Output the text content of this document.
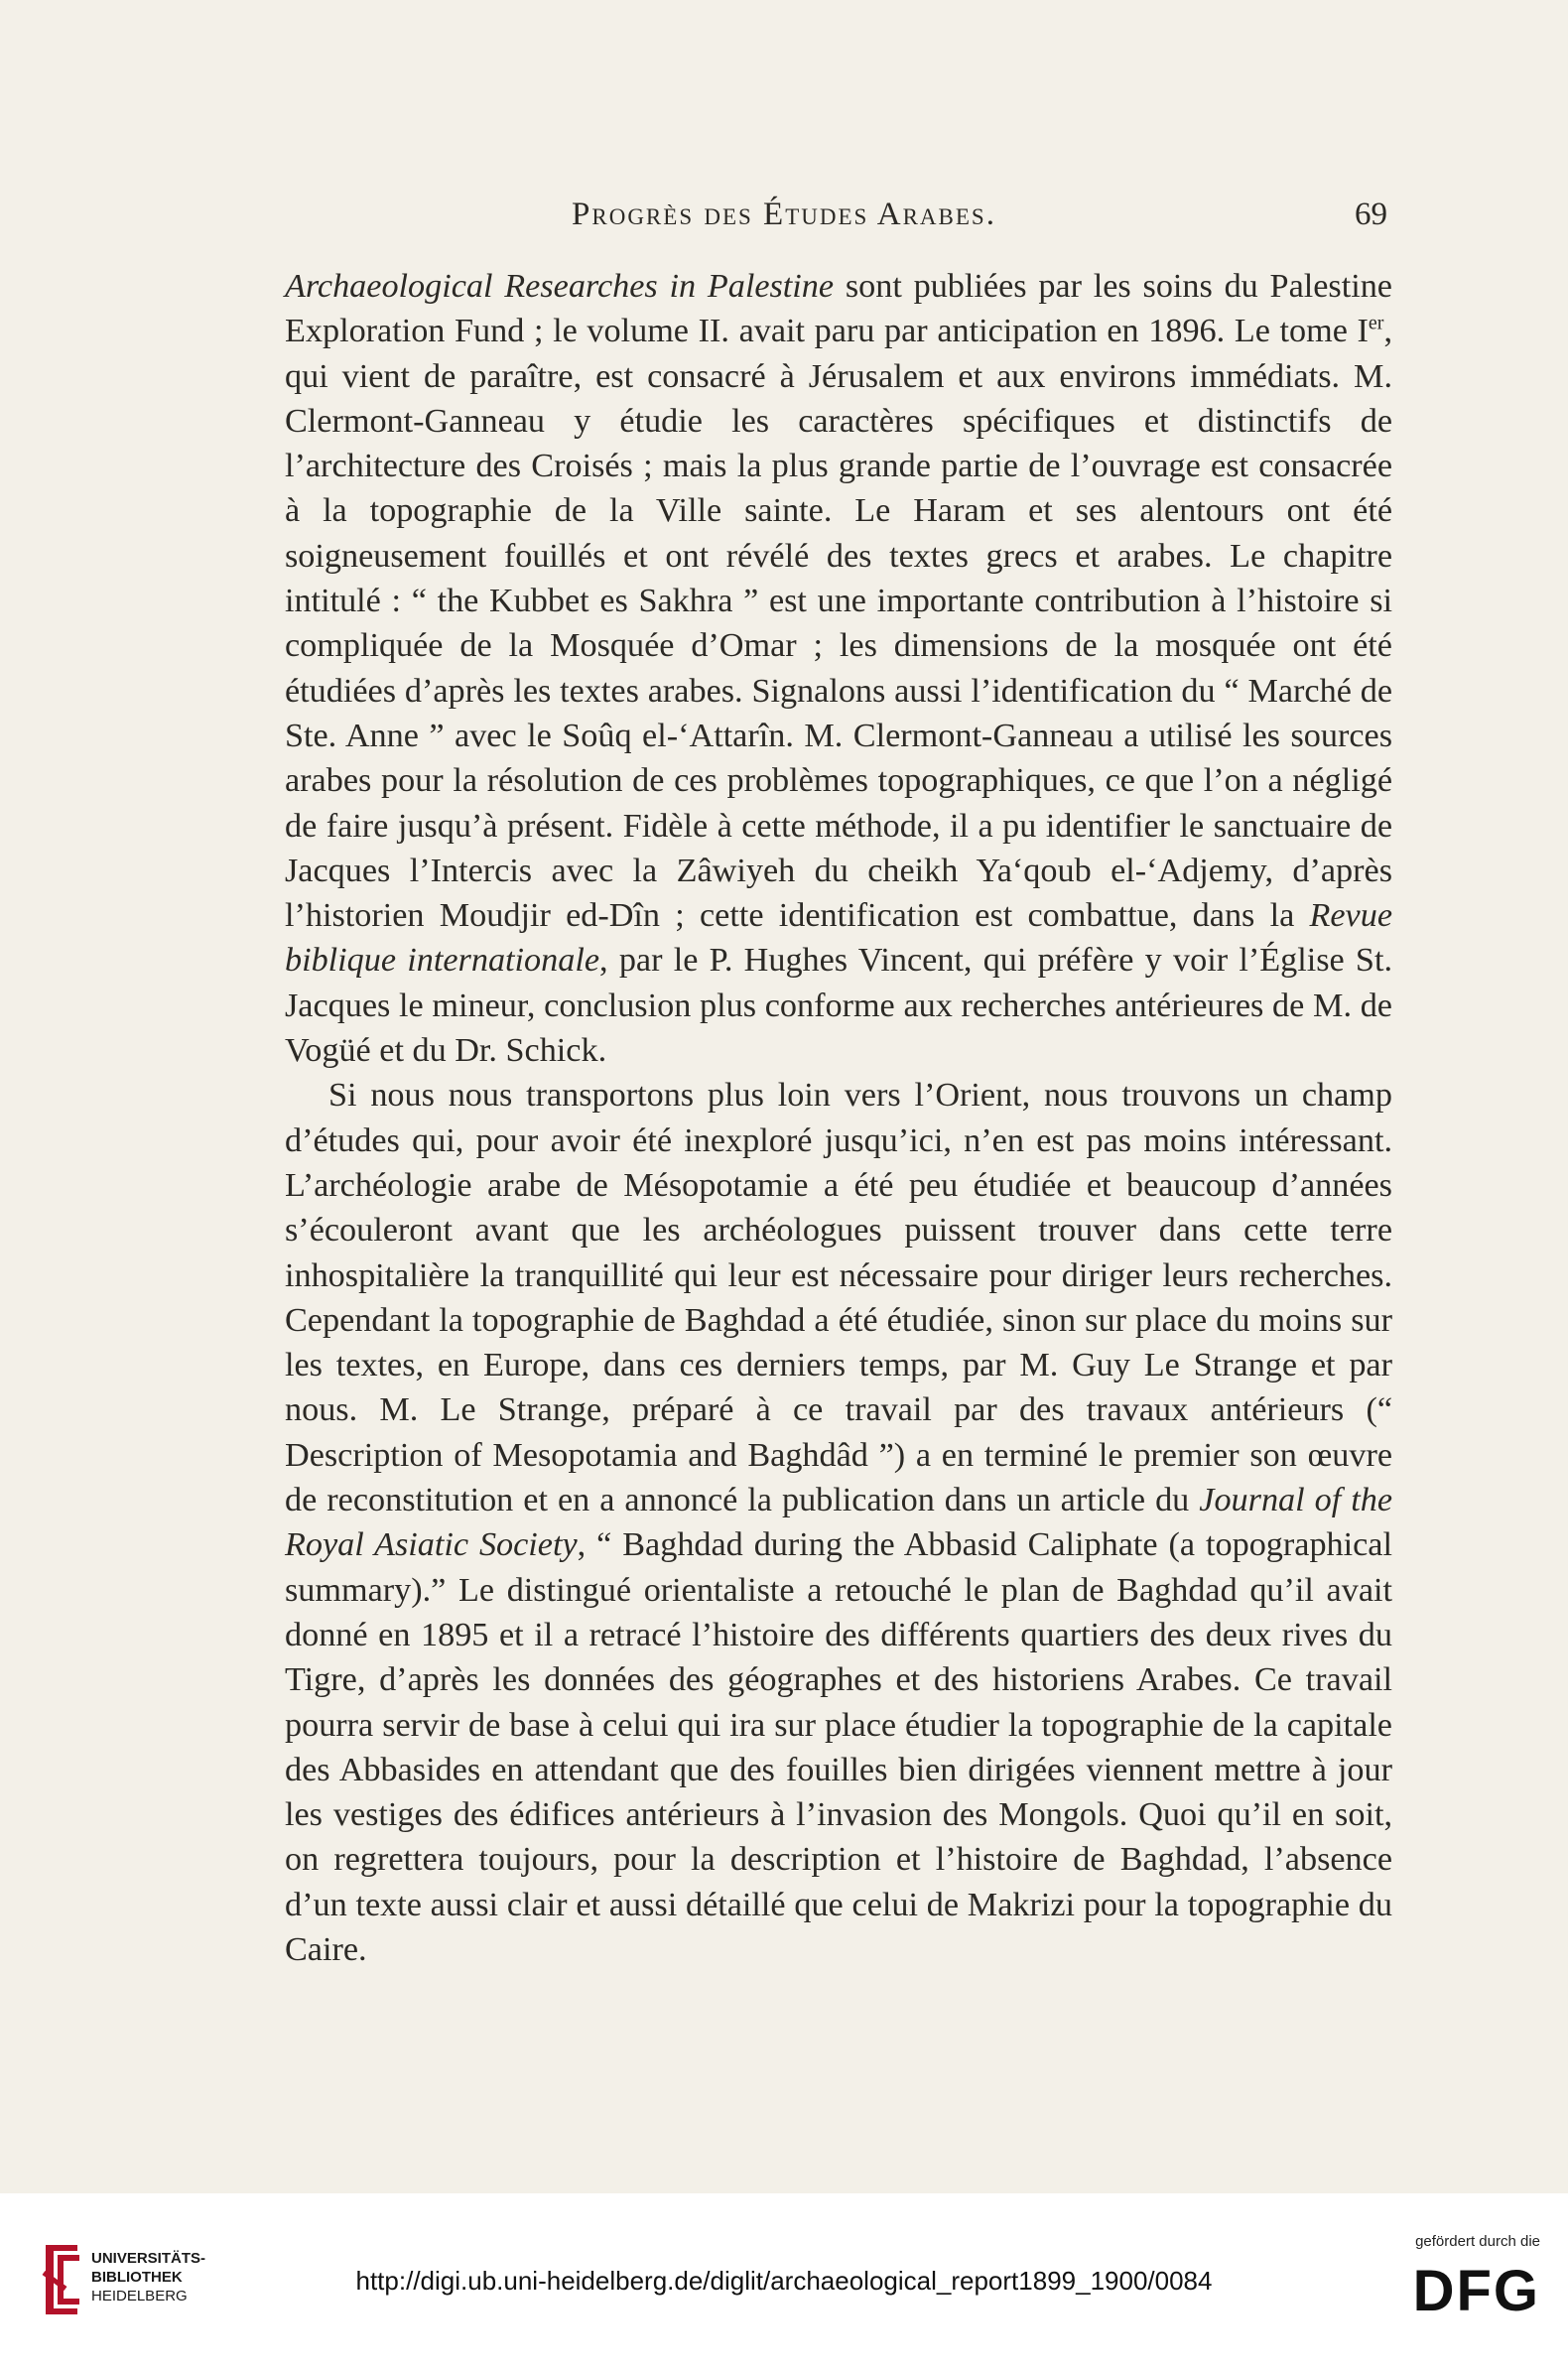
Progrès des Études Arabes.	69

Archaeological Researches in Palestine sont publiées par les soins du Palestine Exploration Fund ; le volume II. avait paru par anticipation en 1896. Le tome Ier, qui vient de paraître, est consacré à Jérusalem et aux environs immédiats. M. Clermont-Ganneau y étudie les caractères spécifiques et distinctifs de l’architecture des Croisés ; mais la plus grande partie de l’ouvrage est consacrée à la topographie de la Ville sainte. Le Haram et ses alentours ont été soigneusement fouillés et ont révélé des textes grecs et arabes. Le chapitre intitulé : “ the Kubbet es Sakhra ” est une importante contribution à l’histoire si compliquée de la Mosquée d’Omar ; les dimensions de la mosquée ont été étudiées d’après les textes arabes. Signalons aussi l’identification du “ Marché de Ste. Anne ” avec le Soûq el-‘Attarîn. M. Clermont-Ganneau a utilisé les sources arabes pour la résolution de ces problèmes topographiques, ce que l’on a négligé de faire jusqu’à présent. Fidèle à cette méthode, il a pu identifier le sanctuaire de Jacques l’Intercis avec la Zâwiyeh du cheikh Ya‘qoub el-‘Adjemy, d’après l’historien Moudjir ed-Dîn ; cette identification est combattue, dans la Revue biblique internationale, par le P. Hughes Vincent, qui préfère y voir l’Église St. Jacques le mineur, conclusion plus conforme aux recherches antérieures de M. de Vogüé et du Dr. Schick.

Si nous nous transportons plus loin vers l’Orient, nous trouvons un champ d’études qui, pour avoir été inexploré jusqu’ici, n’en est pas moins intéressant. L’archéologie arabe de Mésopotamie a été peu étudiée et beaucoup d’années s’écouleront avant que les archéologues puissent trouver dans cette terre inhospitalière la tranquillité qui leur est nécessaire pour diriger leurs recherches. Cependant la topographie de Baghdad a été étudiée, sinon sur place du moins sur les textes, en Europe, dans ces derniers temps, par M. Guy Le Strange et par nous. M. Le Strange, préparé à ce travail par des travaux antérieurs (“ Description of Mesopotamia and Baghdâd ”) a en terminé le premier son œuvre de reconstitution et en a annoncé la publication dans un article du Journal of the Royal Asiatic Society, “ Baghdad during the Abbasid Caliphate (a topographical summary).” Le distingué orientaliste a retouché le plan de Baghdad qu’il avait donné en 1895 et il a retracé l’histoire des différents quartiers des deux rives du Tigre, d’après les données des géographes et des historiens Arabes. Ce travail pourra servir de base à celui qui ira sur place étudier la topographie de la capitale des Abbasides en attendant que des fouilles bien dirigées viennent mettre à jour les vestiges des édifices antérieurs à l’invasion des Mongols. Quoi qu’il en soit, on regrettera toujours, pour la description et l’histoire de Baghdad, l’absence d’un texte aussi clair et aussi détaillé que celui de Makrizi pour la topographie du Caire.

UNIVERSITÄTS-
BIBLIOTHEK
HEIDELBERG
http://digi.ub.uni-heidelberg.de/diglit/archaeological_report1899_1900/0084
gefördert durch die
DFG
